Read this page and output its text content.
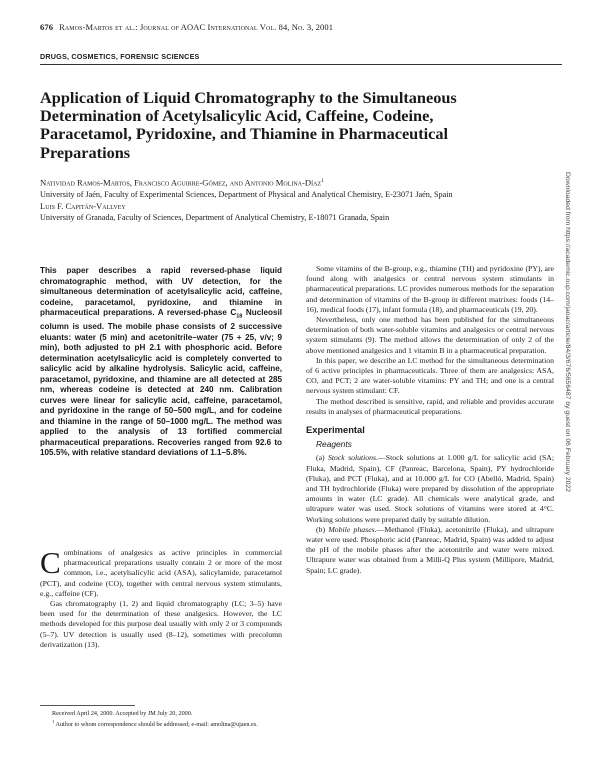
676 Ramos-Martos et al.: Journal of AOAC International Vol. 84, No. 3, 2001
DRUGS, COSMETICS, FORENSIC SCIENCES
Application of Liquid Chromatography to the Simultaneous Determination of Acetylsalicylic Acid, Caffeine, Codeine, Paracetamol, Pyridoxine, and Thiamine in Pharmaceutical Preparations
Natividad Ramos-Martos, Francisco Aguirre-Gómez, and Antonio Molina-Díaz$^1$
University of Jaén, Faculty of Experimental Sciences, Department of Physical and Analytical Chemistry, E-23071 Jaén, Spain
Luis F. Capitán-Vallvey
University of Granada, Faculty of Sciences, Department of Analytical Chemistry, E-18071 Granada, Spain
This paper describes a rapid reversed-phase liquid chromatographic method, with UV detection, for the simultaneous determination of acetylsalicylic acid, caffeine, codeine, paracetamol, pyridoxine, and thiamine in pharmaceutical preparations. A reversed-phase $C_{18}$ Nucleosil column is used. The mobile phase consists of 2 successive eluants: water (5 min) and acetonitrile–water (75 + 25, v/v; 9 min), both adjusted to pH 2.1 with phosphoric acid. Before determination acetylsalicylic acid is completely converted to salicylic acid by alkaline hydrolysis. Salicylic acid, caffeine, paracetamol, pyridoxine, and thiamine are all detected at 285 nm, whereas codeine is detected at 240 nm. Calibration curves were linear for salicylic acid, caffeine, paracetamol, and pyridoxine in the range of 50–500 mg/L, and for codeine and thiamine in the range of 50–1000 mg/L. The method was applied to the analysis of 13 fortified commercial pharmaceutical preparations. Recoveries ranged from 92.6 to 105.5%, with relative standard deviations of 1.1–5.8%.

Combinations of analgesics as active principles in commercial pharmaceutical preparations usually contain 2 or more of the most common, i.e., acetylsalicylic acid (ASA), salicylamide, paracetamol (PCT), and codeine (CO), together with central nervous system stimulants, e.g., caffeine (CF).

Gas chromatography (1, 2) and liquid chromatography (LC; 3–5) have been used for the determination of these analgesics. However, the LC methods developed for this purpose deal usually with only 2 or 3 compounds (5–7). UV detection is usually used (8–12), sometimes with precolumn derivatization (13).

Received April 24, 2000. Accepted by JM July 20, 2000.

$^1$ Author to whom correspondence should be addressed; e-mail: amolina@ujaen.es.

Some vitamins of the B-group, e.g., thiamine (TH) and pyridoxine (PY), are found along with analgesics or central nervous system stimulants in pharmaceutical preparations. LC provides numerous methods for the separation and determination of vitamins of the B-group in different matrixes: foods (14–16), medical foods (17), infant formula (18), and pharmaceuticals (19, 20).

Nevertheless, only one method has been published for the simultaneous determination of both water-soluble vitamins and analgesics or central nervous system stimulants (9). The method allows the determination of only 2 of the above mentioned analgesics and 1 vitamin B in a pharmaceutical preparation.

In this paper, we describe an LC method for the simultaneous determination of 6 active principles in pharmaceuticals. Three of them are analgesics: ASA, CO, and PCT; 2 are water-soluble vitamins: PY and TH; and one is a central nervous system stimulant: CF.

The method described is sensitive, rapid, and reliable and provides accurate results in analyses of pharmaceutical preparations.

Experimental
Reagents

(a) Stock solutions.—Stock solutions at 1.000 g/L for salicylic acid (SA; Fluka, Madrid, Spain), CF (Panreac, Barcelona, Spain), PY hydrochloride (Fluka), and PCT (Fluka), and at 10.000 g/L for CO (Abelló, Madrid, Spain) and TH hydrochloride (Fluka) were prepared by dissolution of the appropriate amounts in water (LC grade). All chemicals were analytical grade, and ultrapure water was used. Stock solutions of vitamins were stored at 4°C. Working solutions were prepared daily by suitable dilution.

(b) Mobile phases.—Methanol (Fluka), acetonitrile (Fluka), and ultrapure water were used. Phosphoric acid (Panreac, Madrid, Spain) was added to adjust the pH of the mobile phases after the acetonitrile and water were mixed. Ultrapure water was obtained from a Milli-Q Plus system (Millipore, Madrid, Spain; LC grade).

Downloaded from https://academic.oup.com/jaoac/article/84/3/676/5656487 by guest on 06 February 2022
